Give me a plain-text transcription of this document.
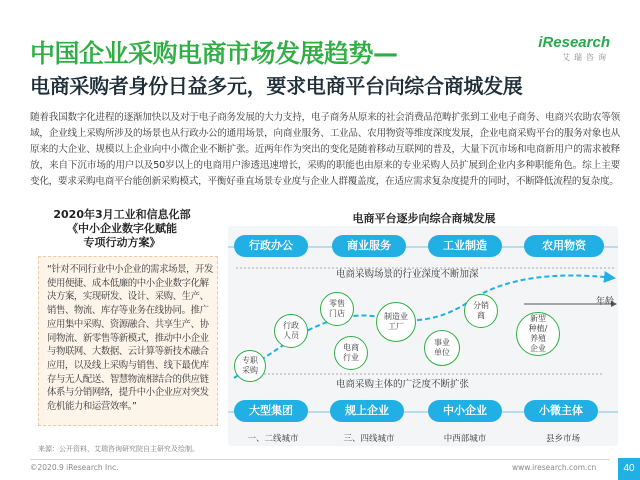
中国企业采购电商市场发展趋势—
电商采购者身份日益多元，要求电商平台向综合商城发展
iResearch
艾瑞咨询
随着我国数字化进程的逐渐加快以及对于电子商务发展的大力支持，电子商务从原来的社会消费品范畴扩张到工业电子商务、电商兴农助农等领域，企业线上采购所涉及的场景也从行政办公的通用场景，向商业服务、工业品、农用物资等维度深度发展，企业电商采购平台的服务对象也从原来的大企业、规模以上企业向中小微企业不断扩张。近两年作为突出的变化是随着移动互联网的普及，大量下沉市场和电商新用户的需求被释放，来自下沉市场的用户以及50岁以上的电商用户渗透迅速增长，采购的职能也由原来的专业采购人员扩展到企业内多种职能角色。综上主要变化，要求采购电商平台能创新采购模式，平衡好垂直场景专业度与企业人群覆盖度，在适应需求复杂度提升的同时，不断降低流程的复杂度。
2020年3月工业和信息化部
《中小企业数字化赋能
专项行动方案》
“针对不同行业中小企业的需求场景，开发使用便捷、成本低廉的中小企业数字化解决方案，实现研发、设计、采购、生产、销售、物流、库存等业务在线协同。推广应用集中采购、资源融合、共享生产、协同物流、新零售等新模式，推动中小企业与物联网、大数据、云计算等新技术融合应用，以及线上采购与销售、线下最优库存与无人配送、智慧物流相结合的供应链体系与分销网络，提升中小企业应对突发危机能力和运营效率。”
电商平台逐步向综合商城发展
行政办公	商业服务	工业制造	农用物资
电商采购场景的行业深度不断加深
专职
采购
行政
人员
零售
门店
电商
行业
制造业
工厂
事业
单位
分销
商	新型
种植/
养殖
企业
年龄
电商采购主体的广泛度不断扩张
大型集团	规上企业	中小企业	小微主体
一、二线城市	三、四线城市	中西部城市	县乡市场
来源：公开资料，艾瑞咨询研究院自主研究及绘制。
©2020.9 iResearch Inc.	www.iresearch.com.cn	40
